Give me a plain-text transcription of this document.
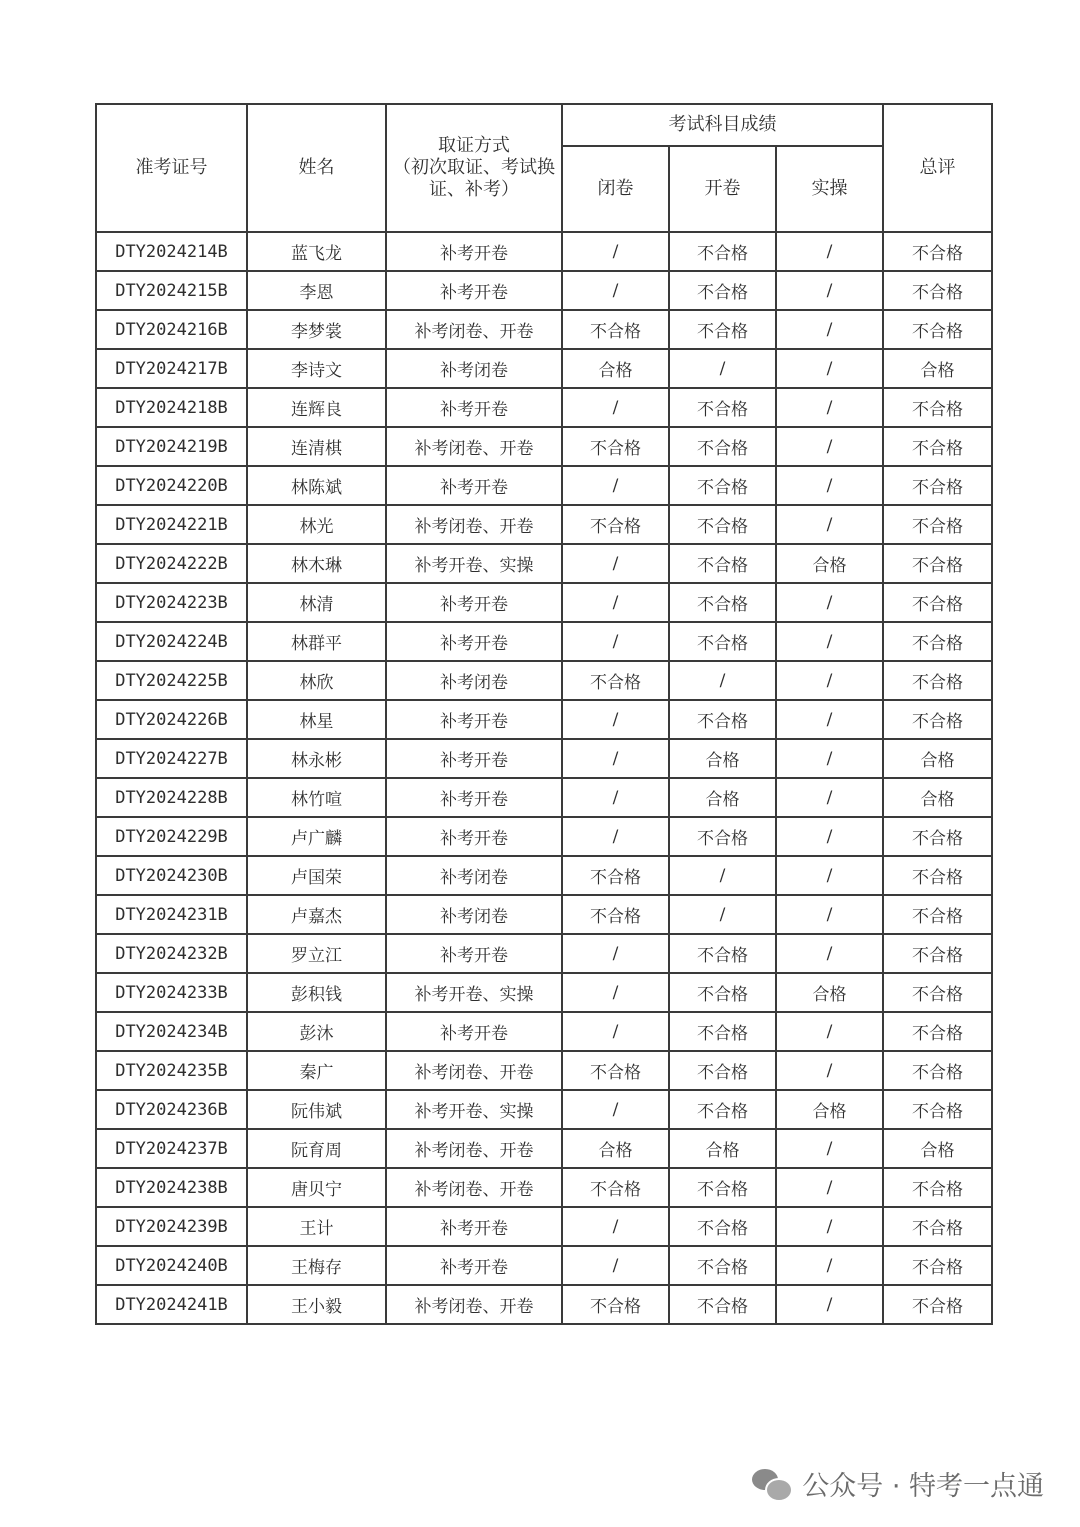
准考证号	姓名	取证方式
（初次取证、考试换证、补考）	考试科目成绩			总评
			闭卷	开卷	实操	
DTY2024214B	蓝飞龙	补考开卷	/	不合格	/	不合格
DTY2024215B	李恩	补考开卷	/	不合格	/	不合格
DTY2024216B	李梦裳	补考闭卷、开卷	不合格	不合格	/	不合格
DTY2024217B	李诗文	补考闭卷	合格	/	/	合格
DTY2024218B	连辉良	补考开卷	/	不合格	/	不合格
DTY2024219B	连清棋	补考闭卷、开卷	不合格	不合格	/	不合格
DTY2024220B	林陈斌	补考开卷	/	不合格	/	不合格
DTY2024221B	林光	补考闭卷、开卷	不合格	不合格	/	不合格
DTY2024222B	林木琳	补考开卷、实操	/	不合格	合格	不合格
DTY2024223B	林清	补考开卷	/	不合格	/	不合格
DTY2024224B	林群平	补考开卷	/	不合格	/	不合格
DTY2024225B	林欣	补考闭卷	不合格	/	/	不合格
DTY2024226B	林星	补考开卷	/	不合格	/	不合格
DTY2024227B	林永彬	补考开卷	/	合格	/	合格
DTY2024228B	林竹喧	补考开卷	/	合格	/	合格
DTY2024229B	卢广麟	补考开卷	/	不合格	/	不合格
DTY2024230B	卢国荣	补考闭卷	不合格	/	/	不合格
DTY2024231B	卢嘉杰	补考闭卷	不合格	/	/	不合格
DTY2024232B	罗立江	补考开卷	/	不合格	/	不合格
DTY2024233B	彭积钱	补考开卷、实操	/	不合格	合格	不合格
DTY2024234B	彭沐	补考开卷	/	不合格	/	不合格
DTY2024235B	秦广	补考闭卷、开卷	不合格	不合格	/	不合格
DTY2024236B	阮伟斌	补考开卷、实操	/	不合格	合格	不合格
DTY2024237B	阮育周	补考闭卷、开卷	合格	合格	/	合格
DTY2024238B	唐贝宁	补考闭卷、开卷	不合格	不合格	/	不合格
DTY2024239B	王计	补考开卷	/	不合格	/	不合格
DTY2024240B	王梅存	补考开卷	/	不合格	/	不合格
DTY2024241B	王小毅	补考闭卷、开卷	不合格	不合格	/	不合格
公众号 · 特考一点通
